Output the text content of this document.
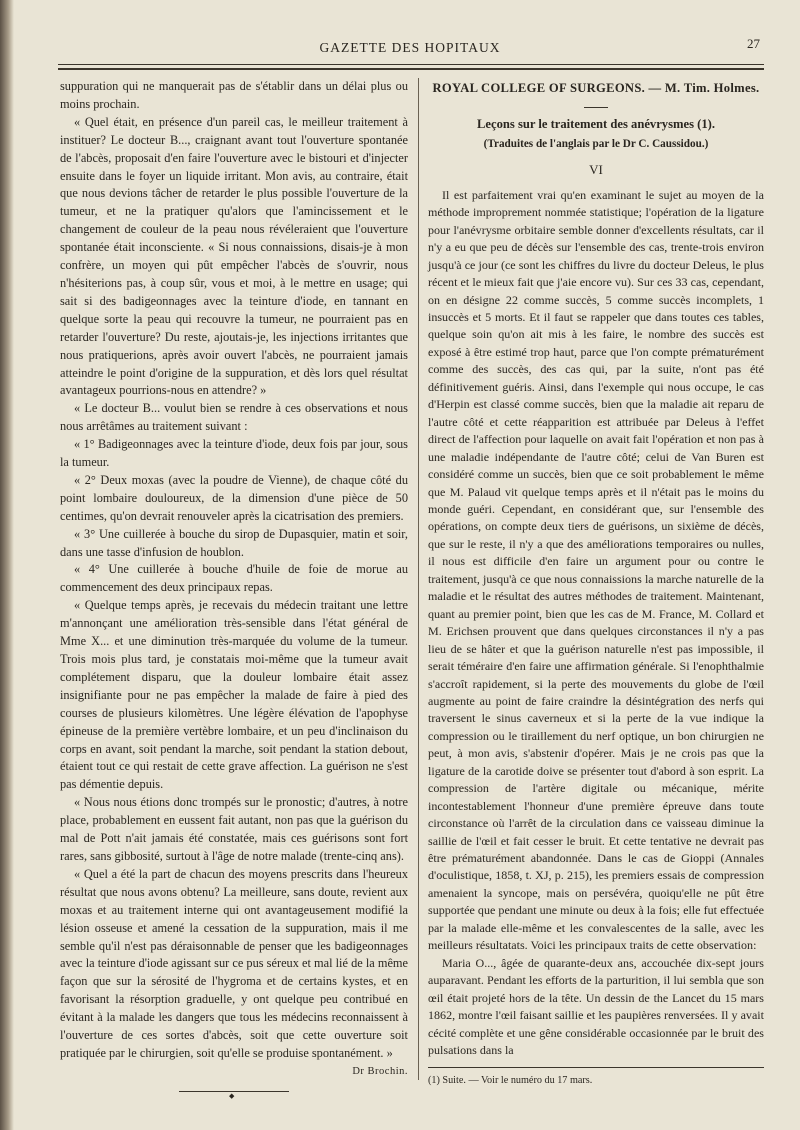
GAZETTE DES HOPITAUX	27

suppuration qui ne manquerait pas de s'établir dans un délai plus ou moins prochain.

« Quel était, en présence d'un pareil cas, le meilleur traitement à instituer? Le docteur B..., craignant avant tout l'ouverture spontanée de l'abcès, proposait d'en faire l'ouverture avec le bistouri et d'injecter ensuite dans le foyer un liquide irritant. Mon avis, au contraire, était que nous devions tâcher de retarder le plus possible l'ouverture de la tumeur, et ne la pratiquer qu'alors que l'amincissement et le changement de couleur de la peau nous révéleraient que l'ouverture spontanée était inconsciente. « Si nous connaissions, disais-je à mon confrère, un moyen qui pût empêcher l'abcès de s'ouvrir, nous n'hésiterions pas, à coup sûr, vous et moi, à le mettre en usage; qui sait si des badigeonnages avec la teinture d'iode, en tannant en quelque sorte la peau qui recouvre la tumeur, ne pourraient pas en retarder l'ouverture? Du reste, ajoutais-je, les injections irritantes que nous pratiquerions, après avoir ouvert l'abcès, ne pourraient jamais atteindre le point d'origine de la suppuration, et dès lors quel résultat avantageux pourrions-nous en attendre? »

« Le docteur B... voulut bien se rendre à ces observations et nous nous arrêtâmes au traitement suivant :

« 1° Badigeonnages avec la teinture d'iode, deux fois par jour, sous la tumeur.

« 2° Deux moxas (avec la poudre de Vienne), de chaque côté du point lombaire douloureux, de la dimension d'une pièce de 50 centimes, qu'on devrait renouveler après la cicatrisation des premiers.

« 3° Une cuillerée à bouche du sirop de Dupasquier, matin et soir, dans une tasse d'infusion de houblon.

« 4° Une cuillerée à bouche d'huile de foie de morue au commencement des deux principaux repas.

« Quelque temps après, je recevais du médecin traitant une lettre m'annonçant une amélioration très-sensible dans l'état général de Mme X... et une diminution très-marquée du volume de la tumeur. Trois mois plus tard, je constatais moi-même que la tumeur avait complétement disparu, que la douleur lombaire était assez insignifiante pour ne pas empêcher la malade de faire à pied des courses de plusieurs kilomètres. Une légère élévation de l'apophyse épineuse de la première vertèbre lombaire, et un peu d'inclinaison du corps en avant, soit pendant la marche, soit pendant la station debout, étaient tout ce qui restait de cette grave affection. La guérison ne s'est pas démentie depuis.

« Nous nous étions donc trompés sur le pronostic; d'autres, à notre place, probablement en eussent fait autant, non pas que la guérison du mal de Pott n'ait jamais été constatée, mais ces guérisons sont fort rares, sans gibbosité, surtout à l'âge de notre malade (trente-cinq ans).

« Quel a été la part de chacun des moyens prescrits dans l'heureux résultat que nous avons obtenu? La meilleure, sans doute, revient aux moxas et au traitement interne qui ont avantageusement modifié la lésion osseuse et amené la cessation de la suppuration, mais il me semble qu'il n'est pas déraisonnable de penser que les badigeonnages avec la teinture d'iode agissant sur ce pus séreux et mal lié de la même façon que sur la sérosité de l'hygroma et de certains kystes, et en favorisant la résorption graduelle, y ont quelque peu contribué en évitant à la malade les dangers que tous les médecins reconnaissent à l'ouverture de ces sortes d'abcès, soit que cette ouverture soit pratiquée par le chirurgien, soit qu'elle se produise spontanément. »

Dr Brochin.
◆
ROYAL COLLEGE OF SURGEONS. — M. Tim. Holmes.
Leçons sur le traitement des anévrysmes (1).
(Traduites de l'anglais par le Dr C. Caussidou.)
VI

Il est parfaitement vrai qu'en examinant le sujet au moyen de la méthode improprement nommée statistique; l'opération de la ligature pour l'anévrysme orbitaire semble donner d'excellents résultats, car il n'y a eu que peu de décès sur l'ensemble des cas, trente-trois environ jusqu'à ce jour (ce sont les chiffres du livre du docteur Deleus, le plus récent et le mieux fait que j'aie encore vu). Sur ces 33 cas, cependant, on en désigne 22 comme succès, 5 comme succès incomplets, 1 insuccès et 5 morts. Et il faut se rappeler que dans toutes ces tables, quelque soin qu'on ait mis à les faire, le nombre des succès est exposé à être estimé trop haut, parce que l'on compte prématurément comme des succès, des cas qui, par la suite, n'ont pas été définitivement guéris. Ainsi, dans l'exemple qui nous occupe, le cas d'Herpin est classé comme succès, bien que la maladie ait reparu de l'autre côté et cette réapparition est attribuée par Deleus à l'effet direct de l'affection pour laquelle on avait fait l'opération et non pas à une maladie indépendante de l'autre côté; celui de Van Buren est considéré comme un succès, bien que ce soit probablement le même que M. Palaud vit quelque temps après et il n'était pas le moins du monde guéri. Cependant, en considérant que, sur l'ensemble des opérations, on compte deux tiers de guérisons, un sixième de décès, que sur le reste, il n'y a que des améliorations temporaires ou nulles, il nous est difficile d'en faire un argument pour ou contre le traitement, jusqu'à ce que nous connaissions la marche naturelle de la maladie et le résultat des autres méthodes de traitement. Maintenant, quant au premier point, bien que les cas de M. France, M. Collard et M. Erichsen prouvent que dans quelques circonstances il n'y a pas lieu de se hâter et que la guérison naturelle n'est pas impossible, il serait téméraire d'en faire une affirmation générale. Si l'enophthalmie s'accroît rapidement, si la perte des mouvements du globe de l'œil augmente au point de faire craindre la désintégration des nerfs qui traversent le sinus caverneux et si la perte de la vue indique la compression ou le tiraillement du nerf optique, un bon chirurgien ne peut, à mon avis, s'abstenir d'opérer. Mais je ne crois pas que la ligature de la carotide doive se présenter tout d'abord à son esprit. La compression de l'artère digitale ou mécanique, mérite incontestablement l'honneur d'une première épreuve dans toute circonstance où l'arrêt de la circulation dans ce vaisseau diminue la saillie de l'œil et fait cesser le bruit. Et cette tentative ne devrait pas être prématurément abandonnée. Dans le cas de Gioppi (Annales d'oculistique, 1858, t. XJ, p. 215), les premiers essais de compression amenaient la syncope, mais on persévéra, quoiqu'elle ne pût être supportée que pendant une minute ou deux à la fois; elle fut effectuée par la malade elle-même et les convalescentes de la salle, avec les meilleurs résultatats. Voici les principaux traits de cette observation:

Maria O..., âgée de quarante-deux ans, accouchée dix-sept jours auparavant. Pendant les efforts de la parturition, il lui sembla que son œil était projeté hors de la tête. Un dessin de the Lancet du 15 mars 1862, montre l'œil faisant saillie et les paupières renversées. Il y avait cécité complète et une gêne considérable occasionnée par le bruit des pulsations dans la

(1) Suite. — Voir le numéro du 17 mars.
